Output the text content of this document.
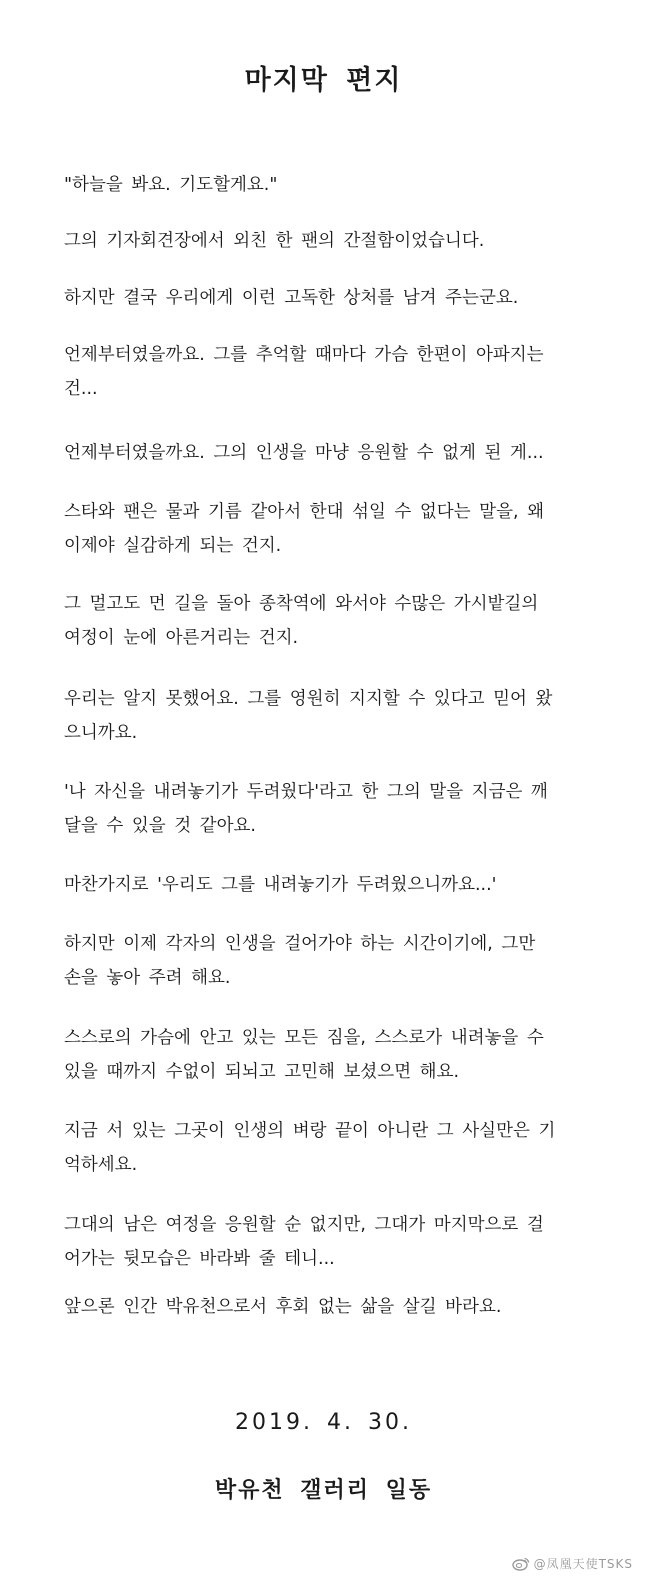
마지막 편지
"하늘을 봐요. 기도할게요."
그의 기자회견장에서 외친 한 팬의 간절함이었습니다.
하지만 결국 우리에게 이런 고독한 상처를 남겨 주는군요.
언제부터였을까요. 그를 추억할 때마다 가슴 한편이 아파지는
건...
언제부터였을까요. 그의 인생을 마냥 응원할 수 없게 된 게...
스타와 팬은 물과 기름 같아서 한대 섞일 수 없다는 말을, 왜
이제야 실감하게 되는 건지.
그 멀고도 먼 길을 돌아 종착역에 와서야 수많은 가시밭길의
여정이 눈에 아른거리는 건지.
우리는 알지 못했어요. 그를 영원히 지지할 수 있다고 믿어 왔
으니까요.
'나 자신을 내려놓기가 두려웠다'라고 한 그의 말을 지금은 깨
달을 수 있을 것 같아요.
마찬가지로 '우리도 그를 내려놓기가 두려웠으니까요...'
하지만 이제 각자의 인생을 걸어가야 하는 시간이기에, 그만
손을 놓아 주려 해요.
스스로의 가슴에 안고 있는 모든 짐을, 스스로가 내려놓을 수
있을 때까지 수없이 되뇌고 고민해 보셨으면 해요.
지금 서 있는 그곳이 인생의 벼랑 끝이 아니란 그 사실만은 기
억하세요.
그대의 남은 여정을 응원할 순 없지만, 그대가 마지막으로 걸
어가는 뒷모습은 바라봐 줄 테니...
앞으론 인간 박유천으로서 후회 없는 삶을 살길 바라요.
2019. 4. 30.
박유천 갤러리 일동
@凤凰天使TSKS
